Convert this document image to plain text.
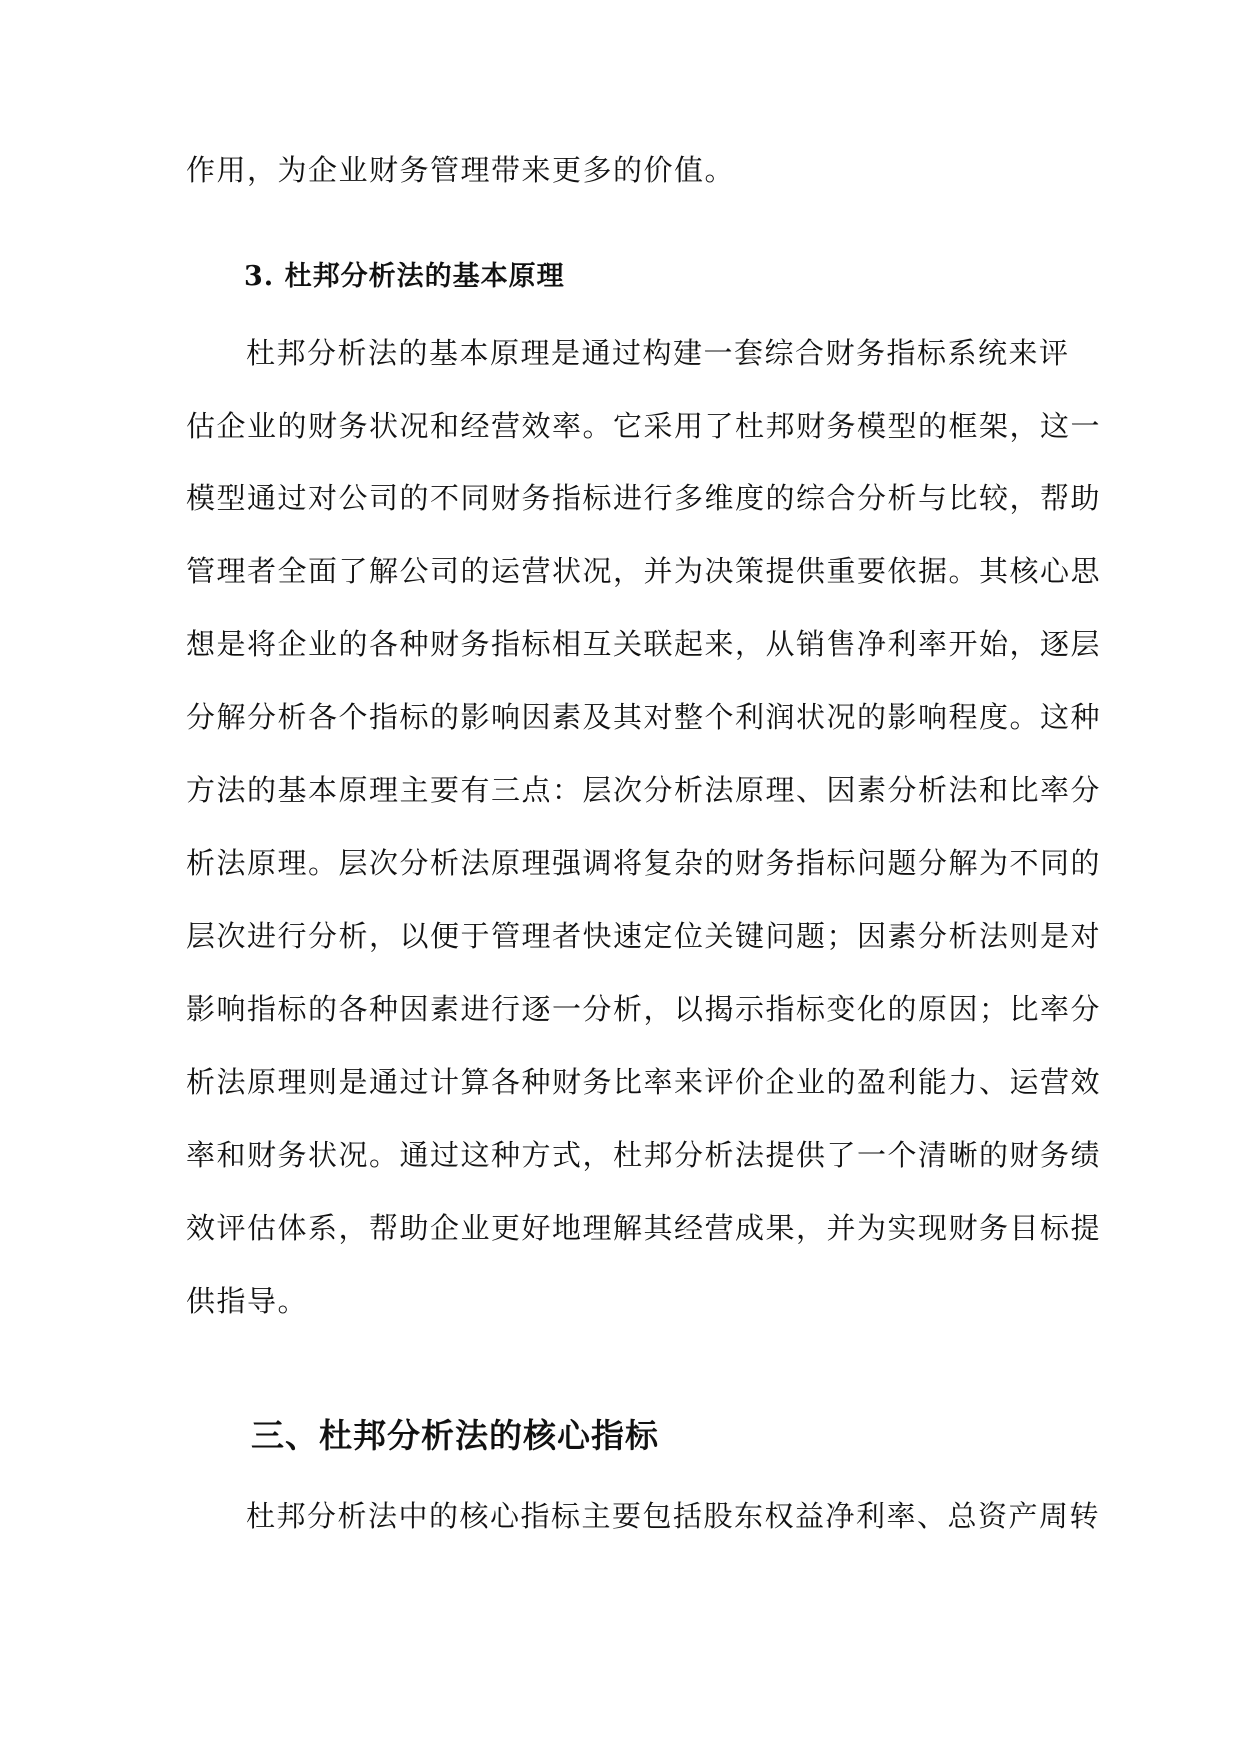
作用，为企业财务管理带来更多的价值。
3. 杜邦分析法的基本原理
杜邦分析法的基本原理是通过构建一套综合财务指标系统来评
估企业的财务状况和经营效率。它采用了杜邦财务模型的框架，这一
模型通过对公司的不同财务指标进行多维度的综合分析与比较，帮助
管理者全面了解公司的运营状况，并为决策提供重要依据。其核心思
想是将企业的各种财务指标相互关联起来，从销售净利率开始，逐层
分解分析各个指标的影响因素及其对整个利润状况的影响程度。这种
方法的基本原理主要有三点：层次分析法原理、因素分析法和比率分
析法原理。层次分析法原理强调将复杂的财务指标问题分解为不同的
层次进行分析，以便于管理者快速定位关键问题；因素分析法则是对
影响指标的各种因素进行逐一分析，以揭示指标变化的原因；比率分
析法原理则是通过计算各种财务比率来评价企业的盈利能力、运营效
率和财务状况。通过这种方式，杜邦分析法提供了一个清晰的财务绩
效评估体系，帮助企业更好地理解其经营成果，并为实现财务目标提
供指导。
三、杜邦分析法的核心指标
杜邦分析法中的核心指标主要包括股东权益净利率、总资产周转
